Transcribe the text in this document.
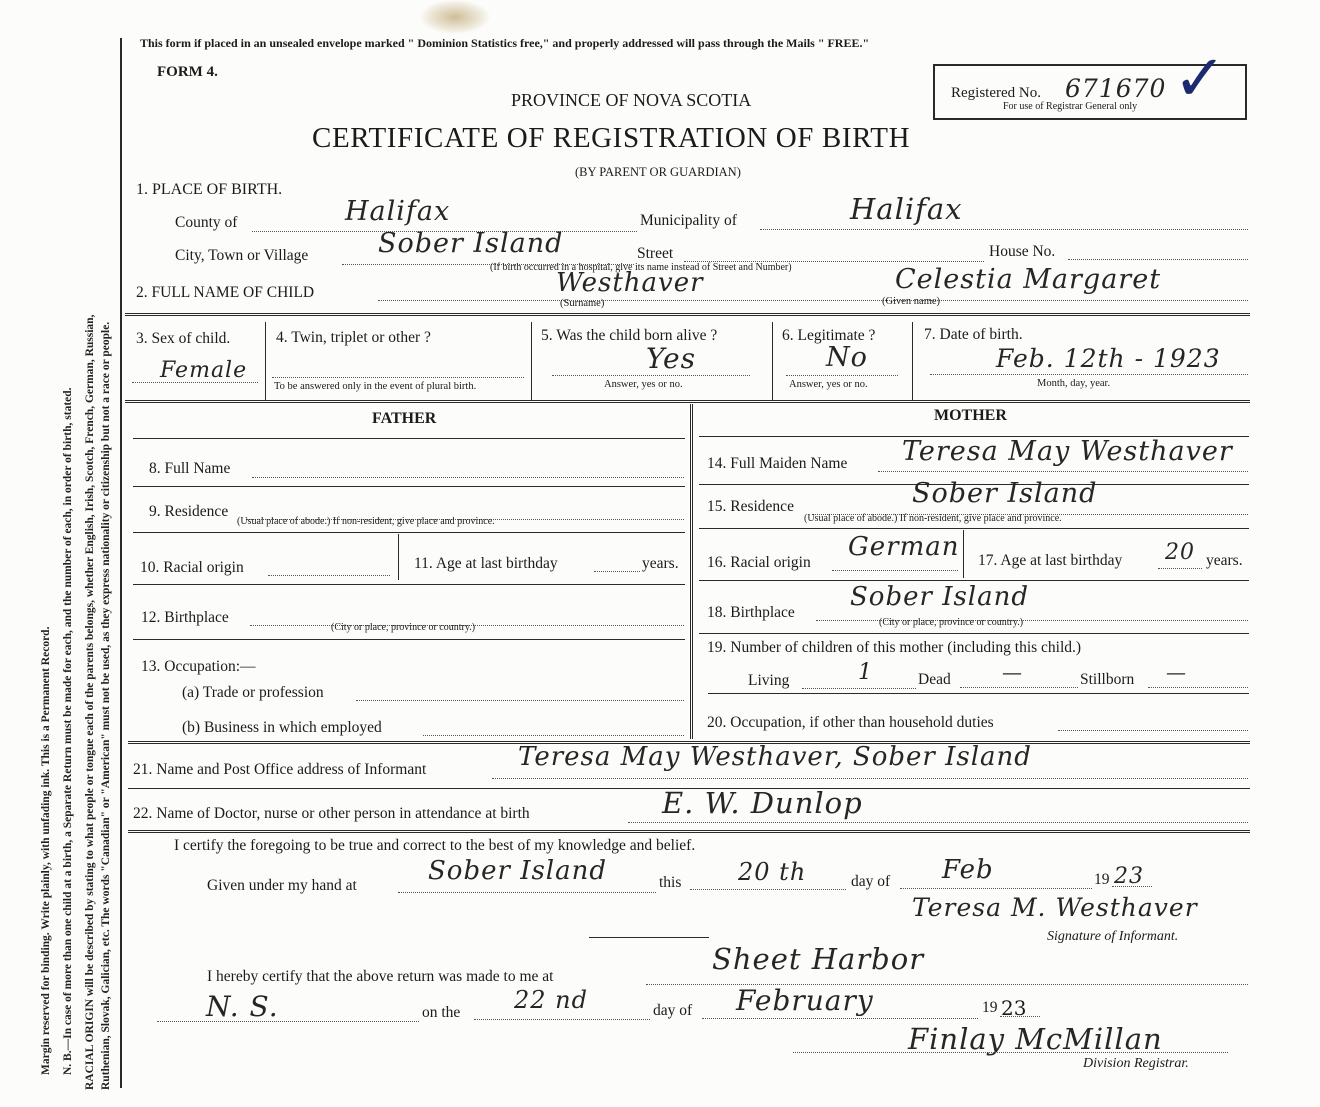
Margin reserved for binding. Write plainly, with unfading ink. This is a Permanent Record. N. B.—In case of more than one child at a birth, a Separate Return must be made for each, and the number of each, in order of birth, stated. RACIAL ORIGIN will be described by stating to what people or tongue each of the parents belongs, whether English, Irish, Scotch, French, German, Russian, Ruthenian, Slovak, Galician, etc. The words "Canadian" or "American" must not be used, as they express nationality or citizenship but not a race or people.
This form if placed in an unsealed envelope marked " Dominion Statistics free," and properly addressed will pass through the Mails " FREE."
FORM 4.
PROVINCE OF NOVA SCOTIA
CERTIFICATE OF REGISTRATION OF BIRTH
(BY PARENT OR GUARDIAN)
Registered No. 671670
For use of Registrar General only ✓
1. PLACE OF BIRTH.
County of	Halifax	Municipality of	Halifax
City, Town or Village	Sober Island	Street	House No.
(If birth occurred in a hospital, give its name instead of Street and Number)
2. FULL NAME OF CHILD	Westhaver	Celestia Margaret
(Surname)	(Given name)
3. Sex of child.
Female
4. Twin, triplet or other ?
To be answered only in the event of plural birth.
5. Was the child born alive ?
Yes
Answer, yes or no.
6. Legitimate ?
No
Answer, yes or no.
7. Date of birth.
Feb. 12th - 1923
Month, day, year.
FATHER	MOTHER
8. Full Name
9. Residence
(Usual place of abode.) If non-resident, give place and province.
10. Racial origin	11. Age at last birthday	years.
12. Birthplace
(City or place, province or country.)
13. Occupation:—
(a) Trade or profession
(b) Business in which employed
14. Full Maiden Name Teresa May Westhaver
15. Residence	Sober Island
(Usual place of abode.) If non-resident, give place and province.
16. Racial origin
German 17. Age at last birthday 20 years.
18. Birthplace
Sober Island
(City or place, province or country.)
19. Number of children of this mother (including this child.)
Living	1	Dead	—	Stillborn —
20. Occupation, if other than household duties
21. Name and Post Office address of Informant	Teresa May Westhaver, Sober Island
22. Name of Doctor, nurse or other person in attendance at birth	E. W. Dunlop
I certify the foregoing to be true and correct to the best of my knowledge and belief.
Given under my hand at	Sober Island	this 20 th	day of Feb	19 23
Teresa M. Westhaver
Signature of Informant.
I hereby certify that the above return was made to me at
Sheet Harbor
N. S.	on the 22 nd	day of February	19 23
Finlay McMillan
Division Registrar.
